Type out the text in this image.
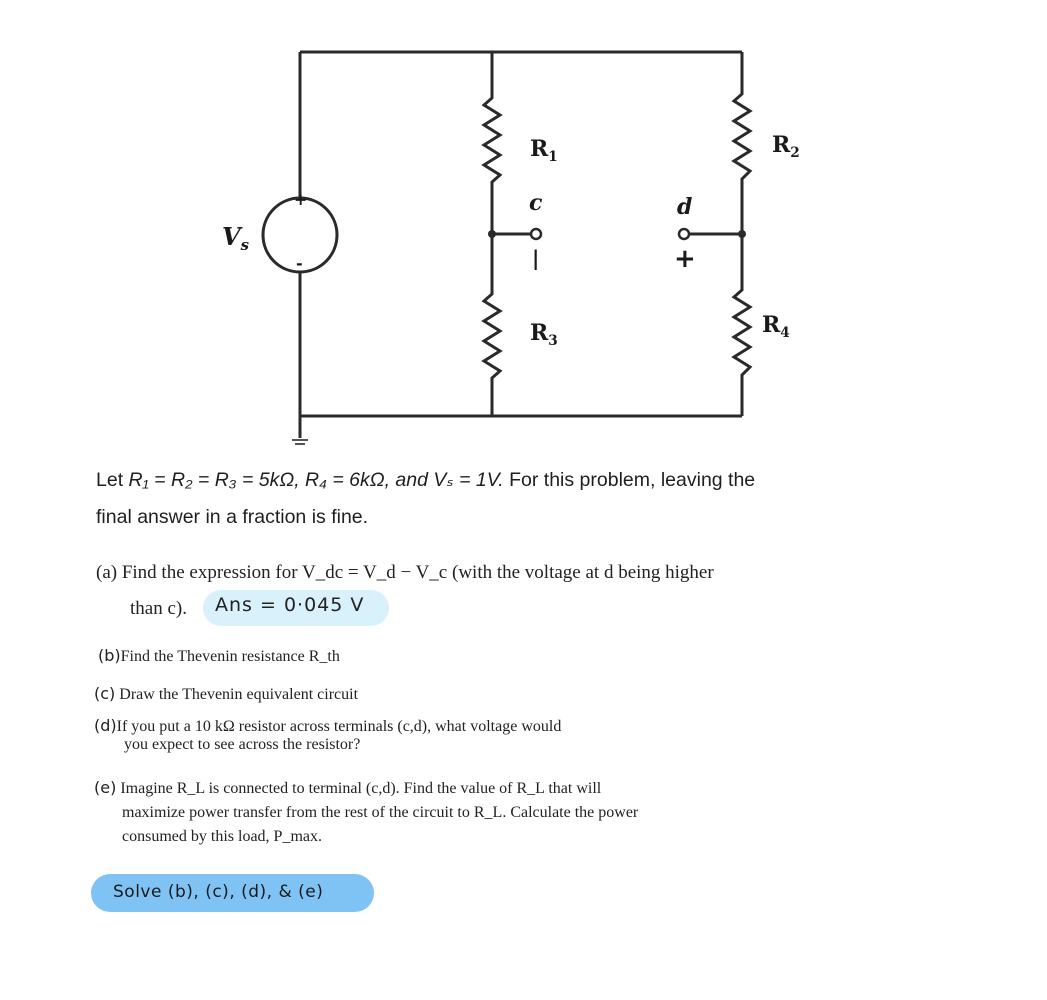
$V_s$
+
-
$R_1$	$R_2$
$R_3$
$R_4$
c
|
d
+
Let R₁ = R₂ = R₃ = 5kΩ, R₄ = 6kΩ, and Vₛ = 1V. For this problem, leaving the
final answer in a fraction is fine.
(a) Find the expression for V_dc = V_d − V_c (with the voltage at d being higher
than c). Ans = 0·045 V
(b)Find the Thevenin resistance R_th
(c) Draw the Thevenin equivalent circuit
(d)If you put a 10 kΩ resistor across terminals (c,d), what voltage would
you expect to see across the resistor?
(e) Imagine R_L is connected to terminal (c,d). Find the value of R_L that will
maximize power transfer from the rest of the circuit to R_L. Calculate the power
consumed by this load, P_max.
Solve (b), (c), (d), & (e)
